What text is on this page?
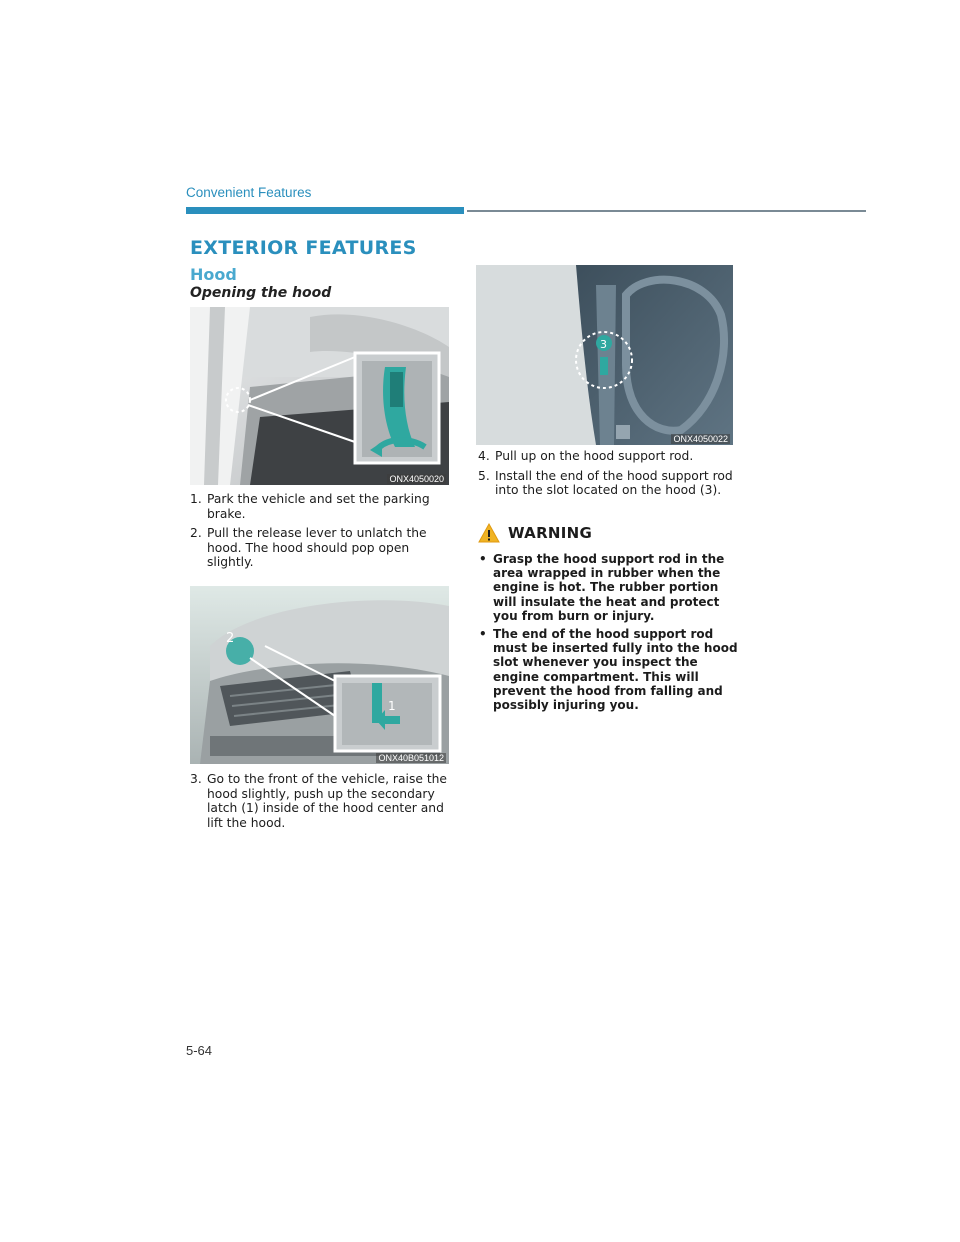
Convenient Features
EXTERIOR FEATURES
Hood
Opening the hood
ONX4050020
1. Park the vehicle and set the parking brake.
2. Pull the release lever to unlatch the hood. The hood should pop open slightly.
2
1
ONX40B051012
3. Go to the front of the vehicle, raise the hood slightly, push up the secondary latch (1) inside of the hood center and lift the hood.
3
ONX4050022
4. Pull up on the hood support rod.
5. Install the end of the hood support rod into the slot located on the hood (3).
WARNING
• Grasp the hood support rod in the area wrapped in rubber when the engine is hot. The rubber portion will insulate the heat and protect you from burn or injury.
• The end of the hood support rod must be inserted fully into the hood slot whenever you inspect the engine compartment. This will prevent the hood from falling and possibly injuring you.
5-64
